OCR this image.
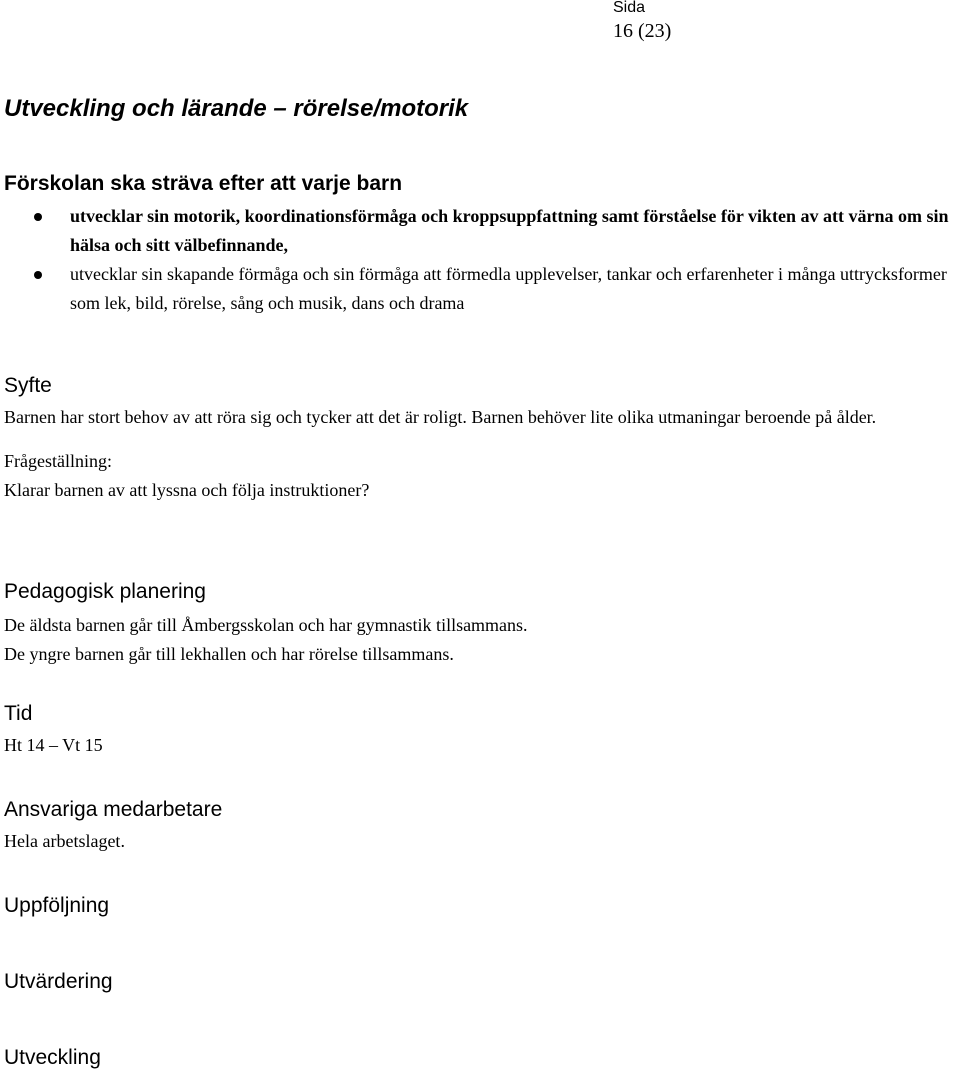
Sida
16 (23)
Utveckling och lärande – rörelse/motorik
Förskolan ska sträva efter att varje barn
utvecklar sin motorik, koordinationsförmåga och kroppsuppfattning samt förståelse för vikten av att värna om sin hälsa och sitt välbefinnande,
utvecklar sin skapande förmåga och sin förmåga att förmedla upplevelser, tankar och erfarenheter i många uttrycksformer som lek, bild, rörelse, sång och musik, dans och drama
Syfte

Barnen har stort behov av att röra sig och tycker att det är roligt. Barnen behöver lite olika utmaningar beroende på ålder.

Frågeställning:

Klarar barnen av att lyssna och följa instruktioner?

Pedagogisk planering

De äldsta barnen går till Åmbergsskolan och har gymnastik tillsammans.

De yngre barnen går till lekhallen och har rörelse tillsammans.

Tid

Ht 14 – Vt 15

Ansvariga medarbetare

Hela arbetslaget.

Uppföljning
Utvärdering
Utveckling
